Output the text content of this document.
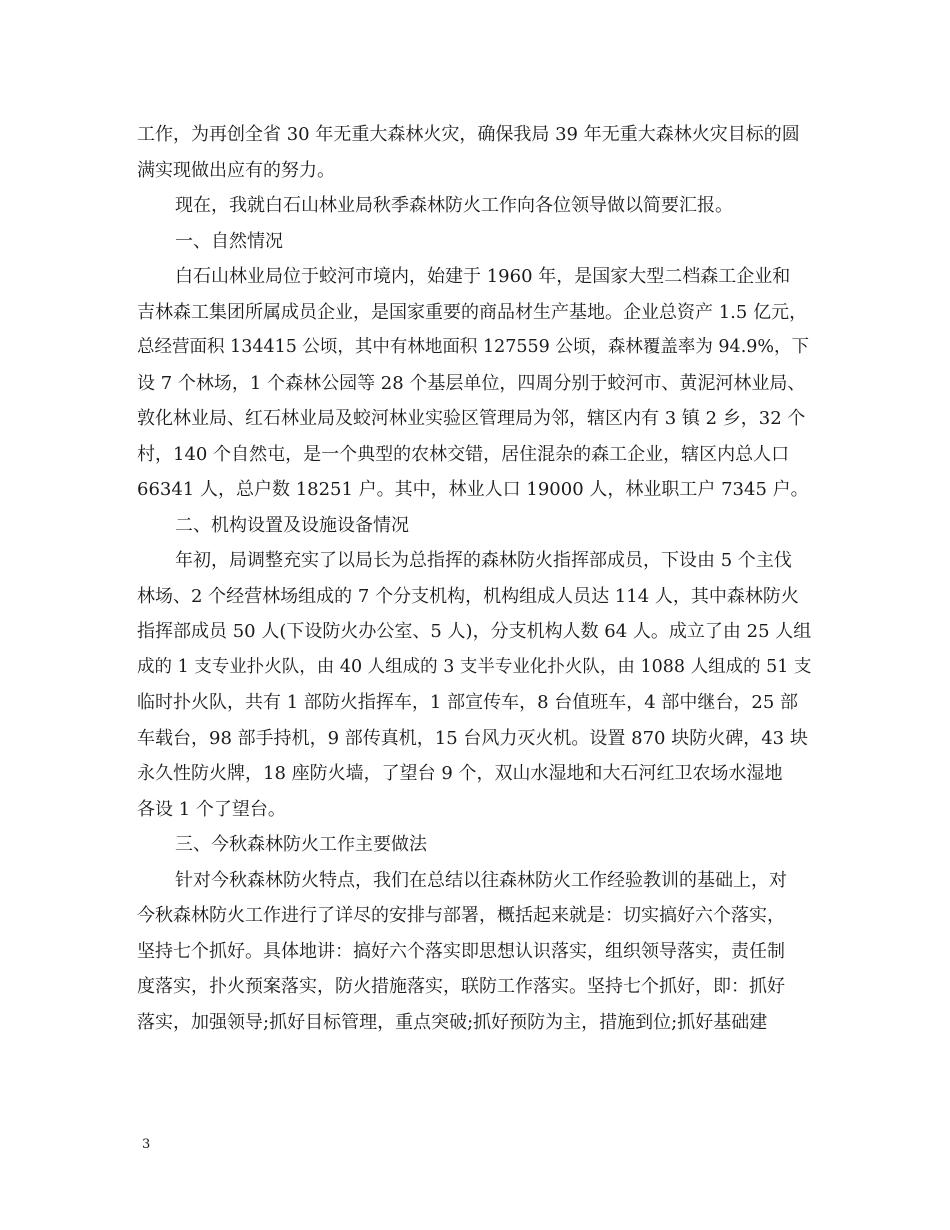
工作，为再创全省 30 年无重大森林火灾，确保我局 39 年无重大森林火灾目标的圆
满实现做出应有的努力。
现在，我就白石山林业局秋季森林防火工作向各位领导做以简要汇报。
一、自然情况
白石山林业局位于蛟河市境内，始建于 1960 年，是国家大型二档森工企业和
吉林森工集团所属成员企业，是国家重要的商品材生产基地。企业总资产 1.5 亿元，
总经营面积 134415 公顷，其中有林地面积 127559 公顷，森林覆盖率为 94.9%，下
设 7 个林场，1 个森林公园等 28 个基层单位，四周分别于蛟河市、黄泥河林业局、
敦化林业局、红石林业局及蛟河林业实验区管理局为邻，辖区内有 3 镇 2 乡，32 个
村，140 个自然屯，是一个典型的农林交错，居住混杂的森工企业，辖区内总人口
66341 人，总户数 18251 户。其中，林业人口 19000 人，林业职工户 7345 户。
二、机构设置及设施设备情况
年初，局调整充实了以局长为总指挥的森林防火指挥部成员，下设由 5 个主伐
林场、2 个经营林场组成的 7 个分支机构，机构组成人员达 114 人，其中森林防火
指挥部成员 50 人(下设防火办公室、5 人)，分支机构人数 64 人。成立了由 25 人组
成的 1 支专业扑火队，由 40 人组成的 3 支半专业化扑火队，由 1088 人组成的 51 支
临时扑火队，共有 1 部防火指挥车，1 部宣传车，8 台值班车，4 部中继台，25 部
车载台，98 部手持机，9 部传真机，15 台风力灭火机。设置 870 块防火碑，43 块
永久性防火牌，18 座防火墙，了望台 9 个，双山水湿地和大石河红卫农场水湿地
各设 1 个了望台。
三、今秋森林防火工作主要做法
针对今秋森林防火特点，我们在总结以往森林防火工作经验教训的基础上，对
今秋森林防火工作进行了详尽的安排与部署，概括起来就是：切实搞好六个落实，
坚持七个抓好。具体地讲：搞好六个落实即思想认识落实，组织领导落实，责任制
度落实，扑火预案落实，防火措施落实，联防工作落实。坚持七个抓好，即：抓好
落实，加强领导;抓好目标管理，重点突破;抓好预防为主，措施到位;抓好基础建
3
